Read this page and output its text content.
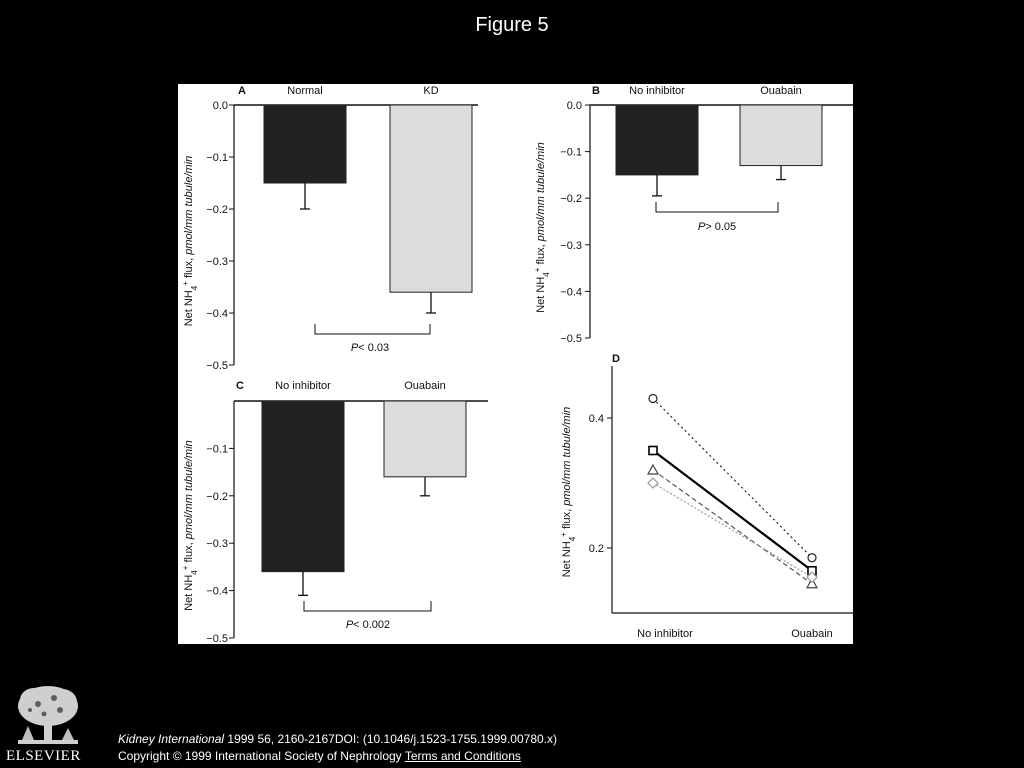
Figure 5
A
0.0
−0.1
−0.2
−0.3
−0.4
−0.5
Normal	KD
P< 0.03
Net $NH_4^+$ flux, pmol/mm tubule/min
B
0.0
−0.1
−0.2
−0.3
−0.4
−0.5
No inhibitor	Ouabain
P> 0.05
Net $NH_4^+$ flux, pmol/mm tubule/min
C
−0.1
−0.2
−0.3
−0.4
−0.5
No inhibitor	Ouabain
P< 0.002
Net $NH_4^+$ flux, pmol/mm tubule/min
D
0.2
0.4
No inhibitor	Ouabain
Net $NH_4^+$ flux, pmol/mm tubule/min
ELSEVIER
Kidney International 1999 56, 2160-2167DOI: (10.1046/j.1523-1755.1999.00780.x)
Copyright © 1999 International Society of Nephrology Terms and Conditions
